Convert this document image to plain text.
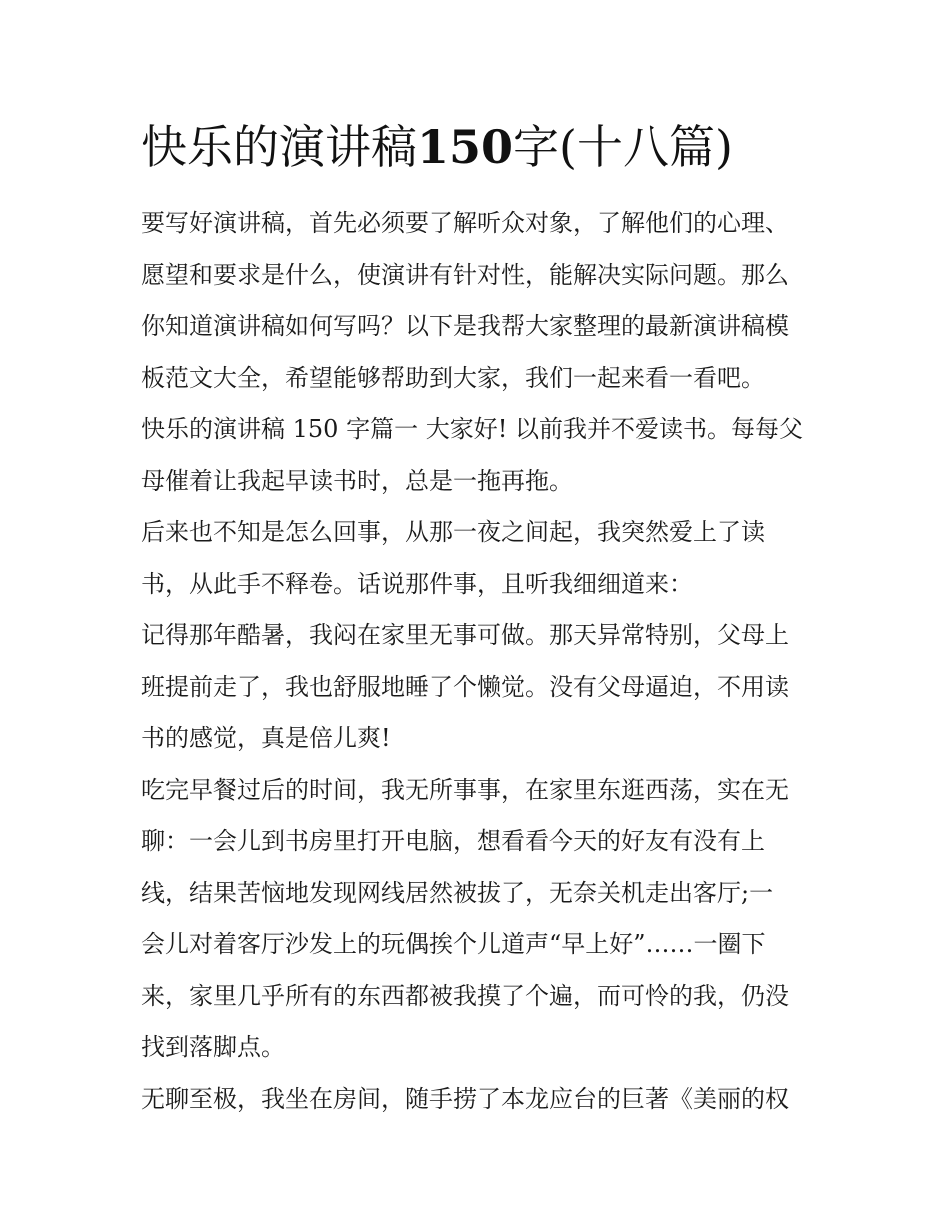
快乐的演讲稿150字(十八篇)
要写好演讲稿，首先必须要了解听众对象，了解他们的心理、
愿望和要求是什么，使演讲有针对性，能解决实际问题。那么
你知道演讲稿如何写吗？以下是我帮大家整理的最新演讲稿模
板范文大全，希望能够帮助到大家，我们一起来看一看吧。
快乐的演讲稿 150 字篇一 大家好! 以前我并不爱读书。每每父
母催着让我起早读书时，总是一拖再拖。
后来也不知是怎么回事，从那一夜之间起，我突然爱上了读
书，从此手不释卷。话说那件事，且听我细细道来：
记得那年酷暑，我闷在家里无事可做。那天异常特别，父母上
班提前走了，我也舒服地睡了个懒觉。没有父母逼迫，不用读
书的感觉，真是倍儿爽!
吃完早餐过后的时间，我无所事事，在家里东逛西荡，实在无
聊：一会儿到书房里打开电脑，想看看今天的好友有没有上
线，结果苦恼地发现网线居然被拔了，无奈关机走出客厅;一
会儿对着客厅沙发上的玩偶挨个儿道声“早上好”……一圈下
来，家里几乎所有的东西都被我摸了个遍，而可怜的我，仍没
找到落脚点。
无聊至极，我坐在房间，随手捞了本龙应台的巨著《美丽的权
